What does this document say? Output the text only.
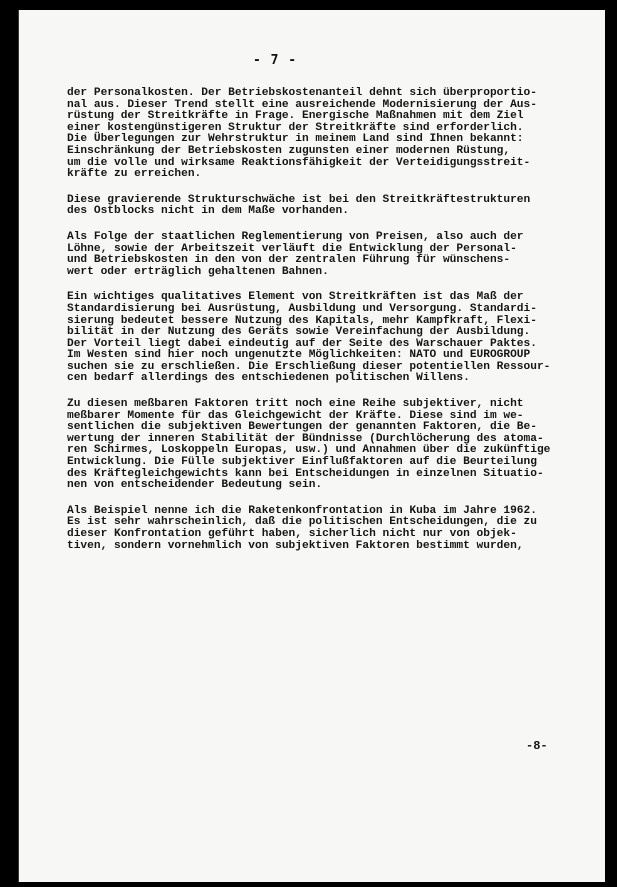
- 7 -
der Personalkosten. Der Betriebskostenanteil dehnt sich überproportio-
nal aus. Dieser Trend stellt eine ausreichende Modernisierung der Aus-
rüstung der Streitkräfte in Frage. Energische Maßnahmen mit dem Ziel
einer kostengünstigeren Struktur der Streitkräfte sind erforderlich.
Die Überlegungen zur Wehrstruktur in meinem Land sind Ihnen bekannt:
Einschränkung der Betriebskosten zugunsten einer modernen Rüstung,
um die volle und wirksame Reaktionsfähigkeit der Verteidigungsstreit-
kräfte zu erreichen.
Diese gravierende Strukturschwäche ist bei den Streitkräftestrukturen
des Ostblocks nicht in dem Maße vorhanden.
Als Folge der staatlichen Reglementierung von Preisen, also auch der
Löhne, sowie der Arbeitszeit verläuft die Entwicklung der Personal-
und Betriebskosten in den von der zentralen Führung für wünschens-
wert oder erträglich gehaltenen Bahnen.
Ein wichtiges qualitatives Element von Streitkräften ist das Maß der
Standardisierung bei Ausrüstung, Ausbildung und Versorgung. Standardi-
sierung bedeutet bessere Nutzung des Kapitals, mehr Kampfkraft, Flexi-
bilität in der Nutzung des Geräts sowie Vereinfachung der Ausbildung.
Der Vorteil liegt dabei eindeutig auf der Seite des Warschauer Paktes.
Im Westen sind hier noch ungenutzte Möglichkeiten: NATO und EUROGROUP
suchen sie zu erschließen. Die Erschließung dieser potentiellen Ressour-
cen bedarf allerdings des entschiedenen politischen Willens.
Zu diesen meßbaren Faktoren tritt noch eine Reihe subjektiver, nicht
meßbarer Momente für das Gleichgewicht der Kräfte. Diese sind im we-
sentlichen die subjektiven Bewertungen der genannten Faktoren, die Be-
wertung der inneren Stabilität der Bündnisse (Durchlöcherung des atoma-
ren Schirmes, Loskoppeln Europas, usw.) und Annahmen über die zukünftige
Entwicklung. Die Fülle subjektiver Einflußfaktoren auf die Beurteilung
des Kräftegleichgewichts kann bei Entscheidungen in einzelnen Situatio-
nen von entscheidender Bedeutung sein.
Als Beispiel nenne ich die Raketenkonfrontation in Kuba im Jahre 1962.
Es ist sehr wahrscheinlich, daß die politischen Entscheidungen, die zu
dieser Konfrontation geführt haben, sicherlich nicht nur von objek-
tiven, sondern vornehmlich von subjektiven Faktoren bestimmt wurden,
-8-
